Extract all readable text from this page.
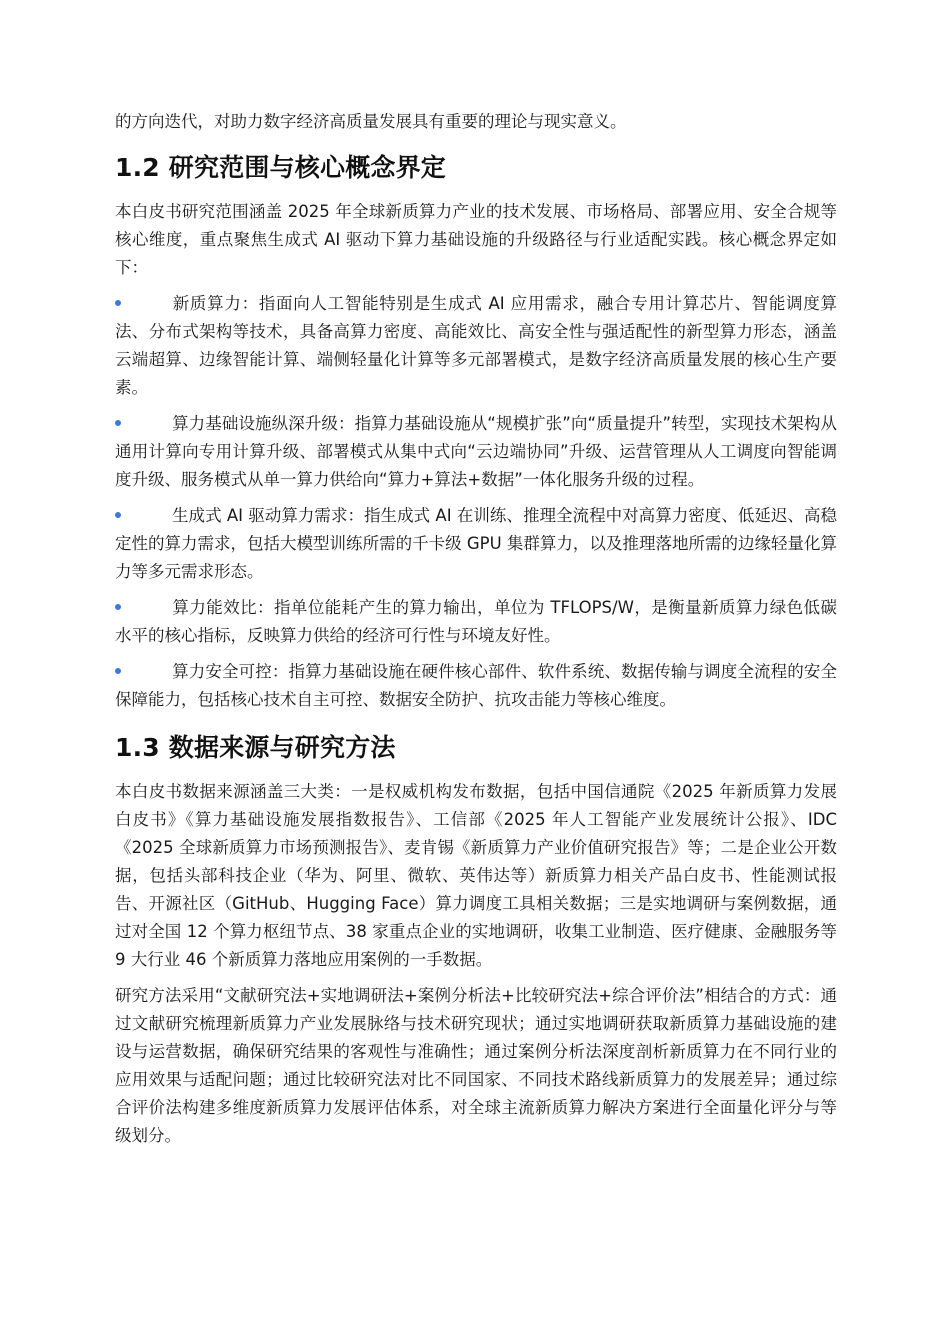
的方向迭代，对助力数字经济高质量发展具有重要的理论与现实意义。

1.2 研究范围与核心概念界定

本白皮书研究范围涵盖 2025 年全球新质算力产业的技术发展、市场格局、部署应用、安全合规等核心维度，重点聚焦生成式 AI 驱动下算力基础设施的升级路径与行业适配实践。核心概念界定如下：

新质算力：指面向人工智能特别是生成式 AI 应用需求，融合专用计算芯片、智能调度算法、分布式架构等技术，具备高算力密度、高能效比、高安全性与强适配性的新型算力形态，涵盖云端超算、边缘智能计算、端侧轻量化计算等多元部署模式，是数字经济高质量发展的核心生产要素。
算力基础设施纵深升级：指算力基础设施从“规模扩张”向“质量提升”转型，实现技术架构从通用计算向专用计算升级、部署模式从集中式向“云边端协同”升级、运营管理从人工调度向智能调度升级、服务模式从单一算力供给向“算力+算法+数据”一体化服务升级的过程。
生成式 AI 驱动算力需求：指生成式 AI 在训练、推理全流程中对高算力密度、低延迟、高稳定性的算力需求，包括大模型训练所需的千卡级 GPU 集群算力，以及推理落地所需的边缘轻量化算力等多元需求形态。
算力能效比：指单位能耗产生的算力输出，单位为 TFLOPS/W，是衡量新质算力绿色低碳水平的核心指标，反映算力供给的经济可行性与环境友好性。
算力安全可控：指算力基础设施在硬件核心部件、软件系统、数据传输与调度全流程的安全保障能力，包括核心技术自主可控、数据安全防护、抗攻击能力等核心维度。
1.3 数据来源与研究方法

本白皮书数据来源涵盖三大类：一是权威机构发布数据，包括中国信通院《2025 年新质算力发展白皮书》《算力基础设施发展指数报告》、工信部《2025 年人工智能产业发展统计公报》、IDC《2025 全球新质算力市场预测报告》、麦肯锡《新质算力产业价值研究报告》等；二是企业公开数据，包括头部科技企业（华为、阿里、微软、英伟达等）新质算力相关产品白皮书、性能测试报告、开源社区（GitHub、Hugging Face）算力调度工具相关数据；三是实地调研与案例数据，通过对全国 12 个算力枢纽节点、38 家重点企业的实地调研，收集工业制造、医疗健康、金融服务等 9 大行业 46 个新质算力落地应用案例的一手数据。

研究方法采用“文献研究法+实地调研法+案例分析法+比较研究法+综合评价法”相结合的方式：通过文献研究梳理新质算力产业发展脉络与技术研究现状；通过实地调研获取新质算力基础设施的建设与运营数据，确保研究结果的客观性与准确性；通过案例分析法深度剖析新质算力在不同行业的应用效果与适配问题；通过比较研究法对比不同国家、不同技术路线新质算力的发展差异；通过综合评价法构建多维度新质算力发展评估体系，对全球主流新质算力解决方案进行全面量化评分与等级划分。
